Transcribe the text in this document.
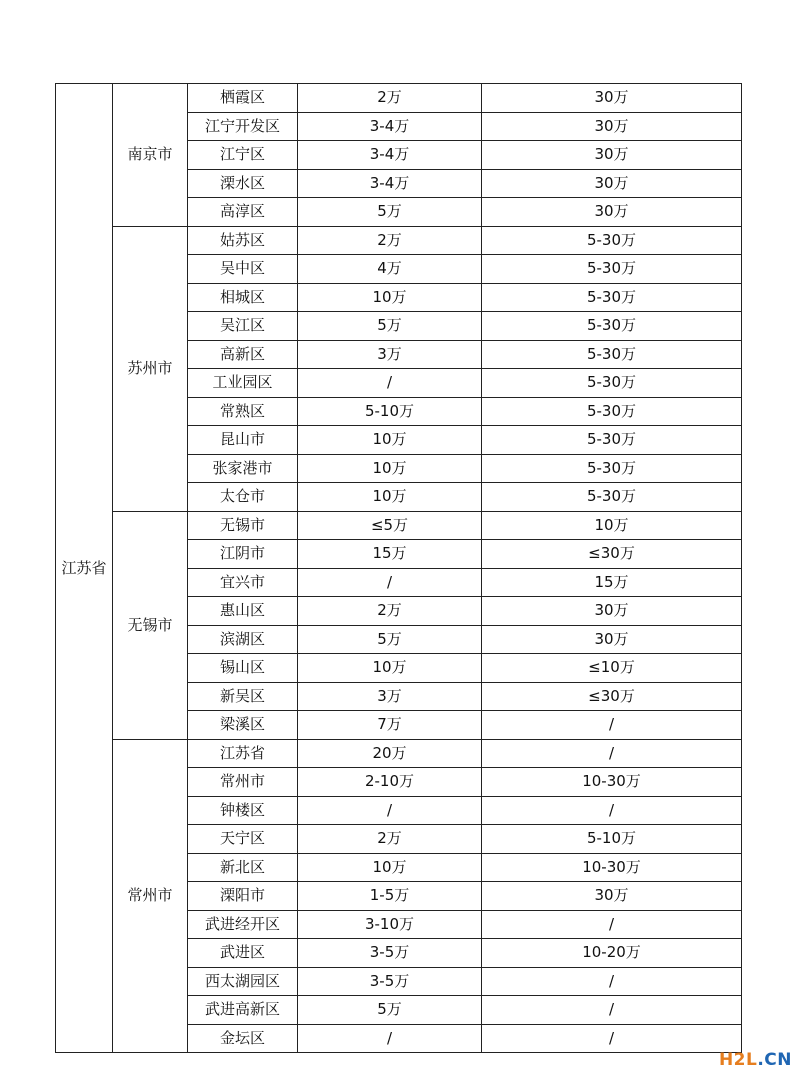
江苏省	南京市	栖霞区	2万	30万
		江宁开发区	3-4万	30万
		江宁区	3-4万	30万
		溧水区	3-4万	30万
		高淳区	5万	30万
	苏州市	姑苏区	2万	5-30万
		吴中区	4万	5-30万
		相城区	10万	5-30万
		吴江区	5万	5-30万
		高新区	3万	5-30万
		工业园区	/	5-30万
		常熟区	5-10万	5-30万
		昆山市	10万	5-30万
		张家港市	10万	5-30万
		太仓市	10万	5-30万
	无锡市	无锡市	≤5万	10万
		江阴市	15万	≤30万
		宜兴市	/	15万
		惠山区	2万	30万
		滨湖区	5万	30万
		锡山区	10万	≤10万
		新吴区	3万	≤30万
		梁溪区	7万	/
	常州市	江苏省	20万	/
		常州市	2-10万	10-30万
		钟楼区	/	/
		天宁区	2万	5-10万
		新北区	10万	10-30万
		溧阳市	1-5万	30万
		武进经开区	3-10万	/
		武进区	3-5万	10-20万
		西太湖园区	3-5万	/
		武进高新区	5万	/
		金坛区	/	/
H2L.CN
